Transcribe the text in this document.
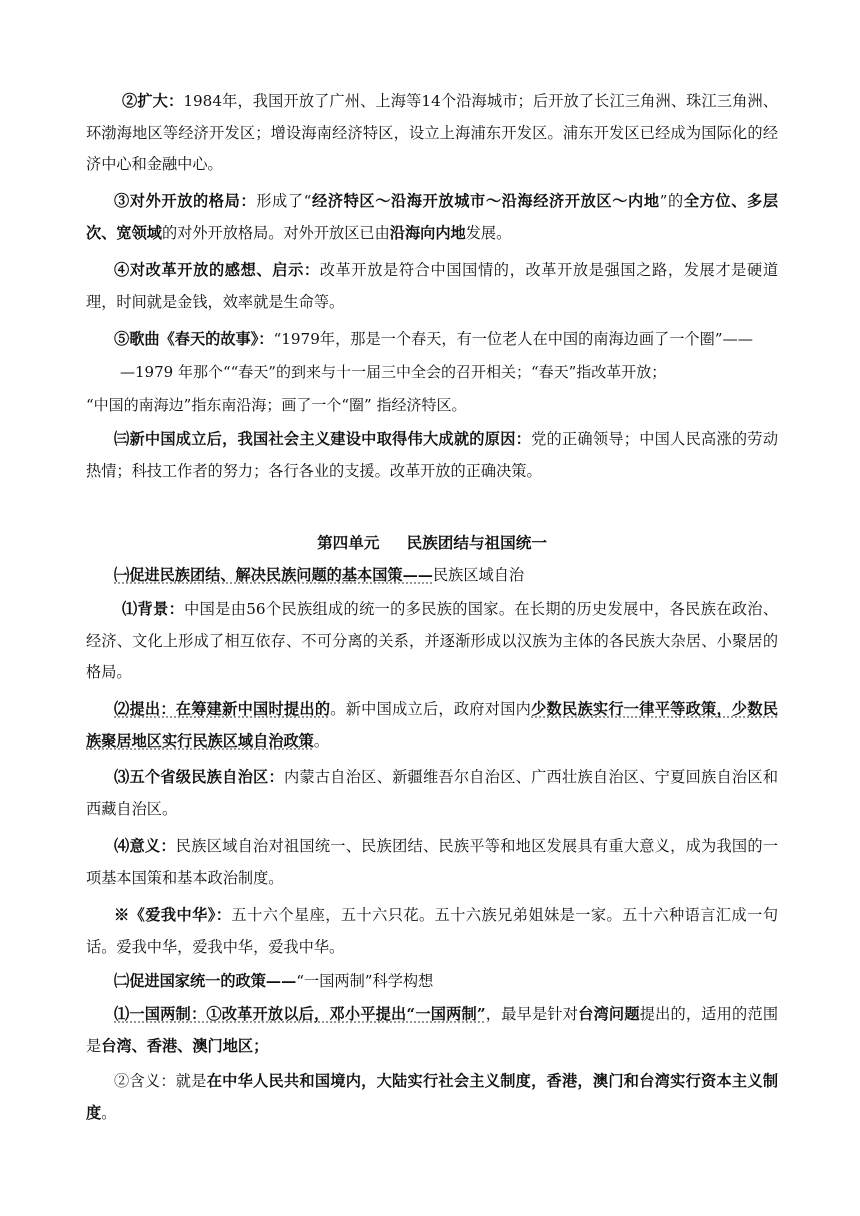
②扩大：1984年，我国开放了广州、上海等14个沿海城市；后开放了长江三角洲、珠江三角洲、环渤海地区等经济开发区；增设海南经济特区，设立上海浦东开发区。浦东开发区已经成为国际化的经济中心和金融中心。
③对外开放的格局：形成了“经济特区～沿海开放城市～沿海经济开放区～内地”的全方位、多层次、宽领域的对外开放格局。对外开放区已由沿海向内地发展。
④对改革开放的感想、启示：改革开放是符合中国国情的，改革开放是强国之路，发展才是硬道理，时间就是金钱，效率就是生命等。
⑤歌曲《春天的故事》：“1979年，那是一个春天，有一位老人在中国的南海边画了一个圈”——
—1979 年那个““春天”的到来与十一届三中全会的召开相关；“春天”指改革开放；
“中国的南海边”指东南沿海；画了一个“圈” 指经济特区。
㈢新中国成立后，我国社会主义建设中取得伟大成就的原因：党的正确领导；中国人民高涨的劳动热情；科技工作者的努力；各行各业的支援。改革开放的正确决策。
第四单元     民族团结与祖国统一
㈠促进民族团结、解决民族问题的基本国策——民族区域自治
⑴背景：中国是由56个民族组成的统一的多民族的国家。在长期的历史发展中，各民族在政治、经济、文化上形成了相互依存、不可分离的关系，并逐渐形成以汉族为主体的各民族大杂居、小聚居的格局。
⑵提出：在筹建新中国时提出的。新中国成立后，政府对国内少数民族实行一律平等政策，少数民族聚居地区实行民族区域自治政策。
⑶五个省级民族自治区：内蒙古自治区、新疆维吾尔自治区、广西壮族自治区、宁夏回族自治区和西藏自治区。
⑷意义：民族区域自治对祖国统一、民族团结、民族平等和地区发展具有重大意义，成为我国的一项基本国策和基本政治制度。
※《爱我中华》：五十六个星座，五十六只花。五十六族兄弟姐妹是一家。五十六种语言汇成一句话。爱我中华，爱我中华，爱我中华。
㈡促进国家统一的政策——“一国两制”科学构想
⑴一国两制：①改革开放以后，邓小平提出“一国两制”，最早是针对台湾问题提出的，适用的范围是台湾、香港、澳门地区；
②含义：就是在中华人民共和国境内，大陆实行社会主义制度，香港，澳门和台湾实行资本主义制度。
